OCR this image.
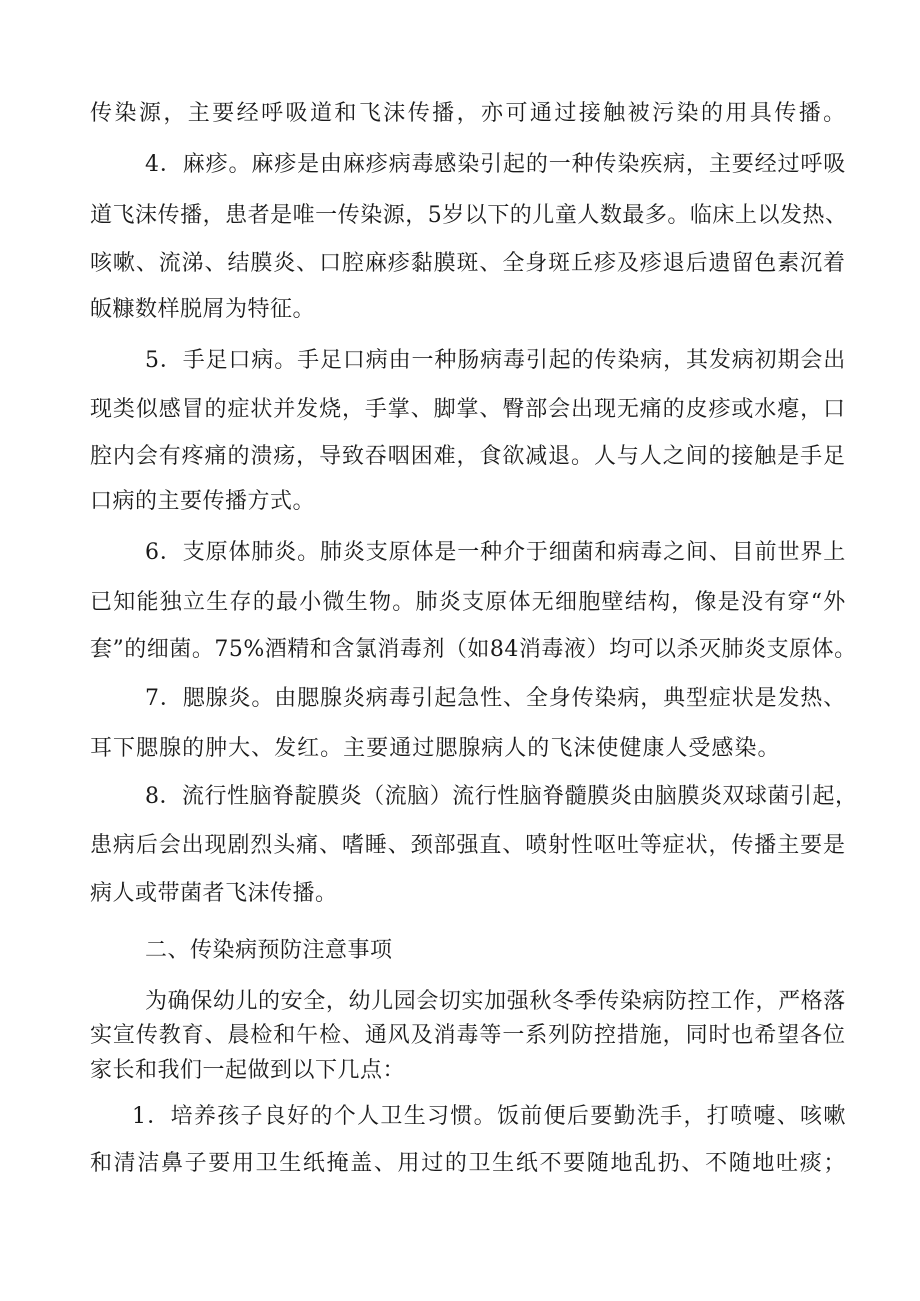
传 染 源 ， 主 要 经 呼 吸 道 和 飞 沫 传 播 ， 亦 可 通 过 接 触 被 污 染 的 用 具 传 播 。
4 ． 麻 疹 。 麻 疹 是 由 麻 疹 病 毒 感 染 引 起 的 一 种 传 染 疾 病 ， 主 要 经 过 呼 吸
道 飞 沫 传 播 ， 患 者 是 唯 一 传 染 源 ， 5 岁 以 下 的 儿 童 人 数 最 多 。 临 床 上 以 发 热 、
咳 嗽 、 流 涕 、 结 膜 炎 、 口 腔 麻 疹 黏 膜 斑 、 全 身 斑 丘 疹 及 疹 退 后 遗 留 色 素 沉 着
皈糠数样脱屑为特征。
5 ． 手 足 口 病 。 手 足 口 病 由 一 种 肠 病 毒 引 起 的 传 染 病 ， 其 发 病 初 期 会 出
现 类 似 感 冒 的 症 状 并 发 烧 ， 手 掌 、 脚 掌 、 臀 部 会 出 现 无 痛 的 皮 疹 或 水 瘪 ， 口
腔 内 会 有 疼 痛 的 溃 疡 ， 导 致 吞 咽 困 难 ， 食 欲 减 退 。 人 与 人 之 间 的 接 触 是 手 足
口病的主要传播方式。
6 ． 支 原 体 肺 炎 。 肺 炎 支 原 体 是 一 种 介 于 细 菌 和 病 毒 之 间 、 目 前 世 界 上
已 知 能 独 立 生 存 的 最 小 微 生 物 。 肺 炎 支 原 体 无 细 胞 壁 结 构 ， 像 是 没 有 穿 “ 外
套 ” 的 细 菌 。 7 5 % 酒 精 和 含 氯 消 毒 剂 （ 如 8 4 消 毒 液 ） 均 可 以 杀 灭 肺 炎 支 原 体 。
7 ． 腮 腺 炎 。 由 腮 腺 炎 病 毒 引 起 急 性 、 全 身 传 染 病 ， 典 型 症 状 是 发 热 、
耳 下 腮 腺 的 肿 大 、 发 红 。 主 要 通 过 腮 腺 病 人 的 飞 沫 使 健 康 人 受 感 染 。
8 ． 流 行 性 脑 脊 靛 膜 炎 （ 流 脑 ） 流 行 性 脑 脊 髓 膜 炎 由 脑 膜 炎 双 球 菌 引 起 ，
患 病 后 会 出 现 剧 烈 头 痛 、 嗜 睡 、 颈 部 强 直 、 喷 射 性 呕 吐 等 症 状 ， 传 播 主 要 是
病人或带菌者飞沫传播。
二、传染病预防注意事项
为 确 保 幼 儿 的 安 全 ， 幼 儿 园 会 切 实 加 强 秋 冬 季 传 染 病 防 控 工 作 ， 严 格 落
实 宣 传 教 育 、 晨 检 和 午 检 、 通 风 及 消 毒 等 一 系 列 防 控 措 施 ， 同 时 也 希 望 各 位
家长和我们一起做到以下几点：
1 ． 培 养 孩 子 良 好 的 个 人 卫 生 习 惯 。 饭 前 便 后 要 勤 洗 手 ， 打 喷 嚏 、 咳 嗽
和 清 洁 鼻 子 要 用 卫 生 纸 掩 盖 、 用 过 的 卫 生 纸 不 要 随 地 乱 扔 、 不 随 地 吐 痰 ；
